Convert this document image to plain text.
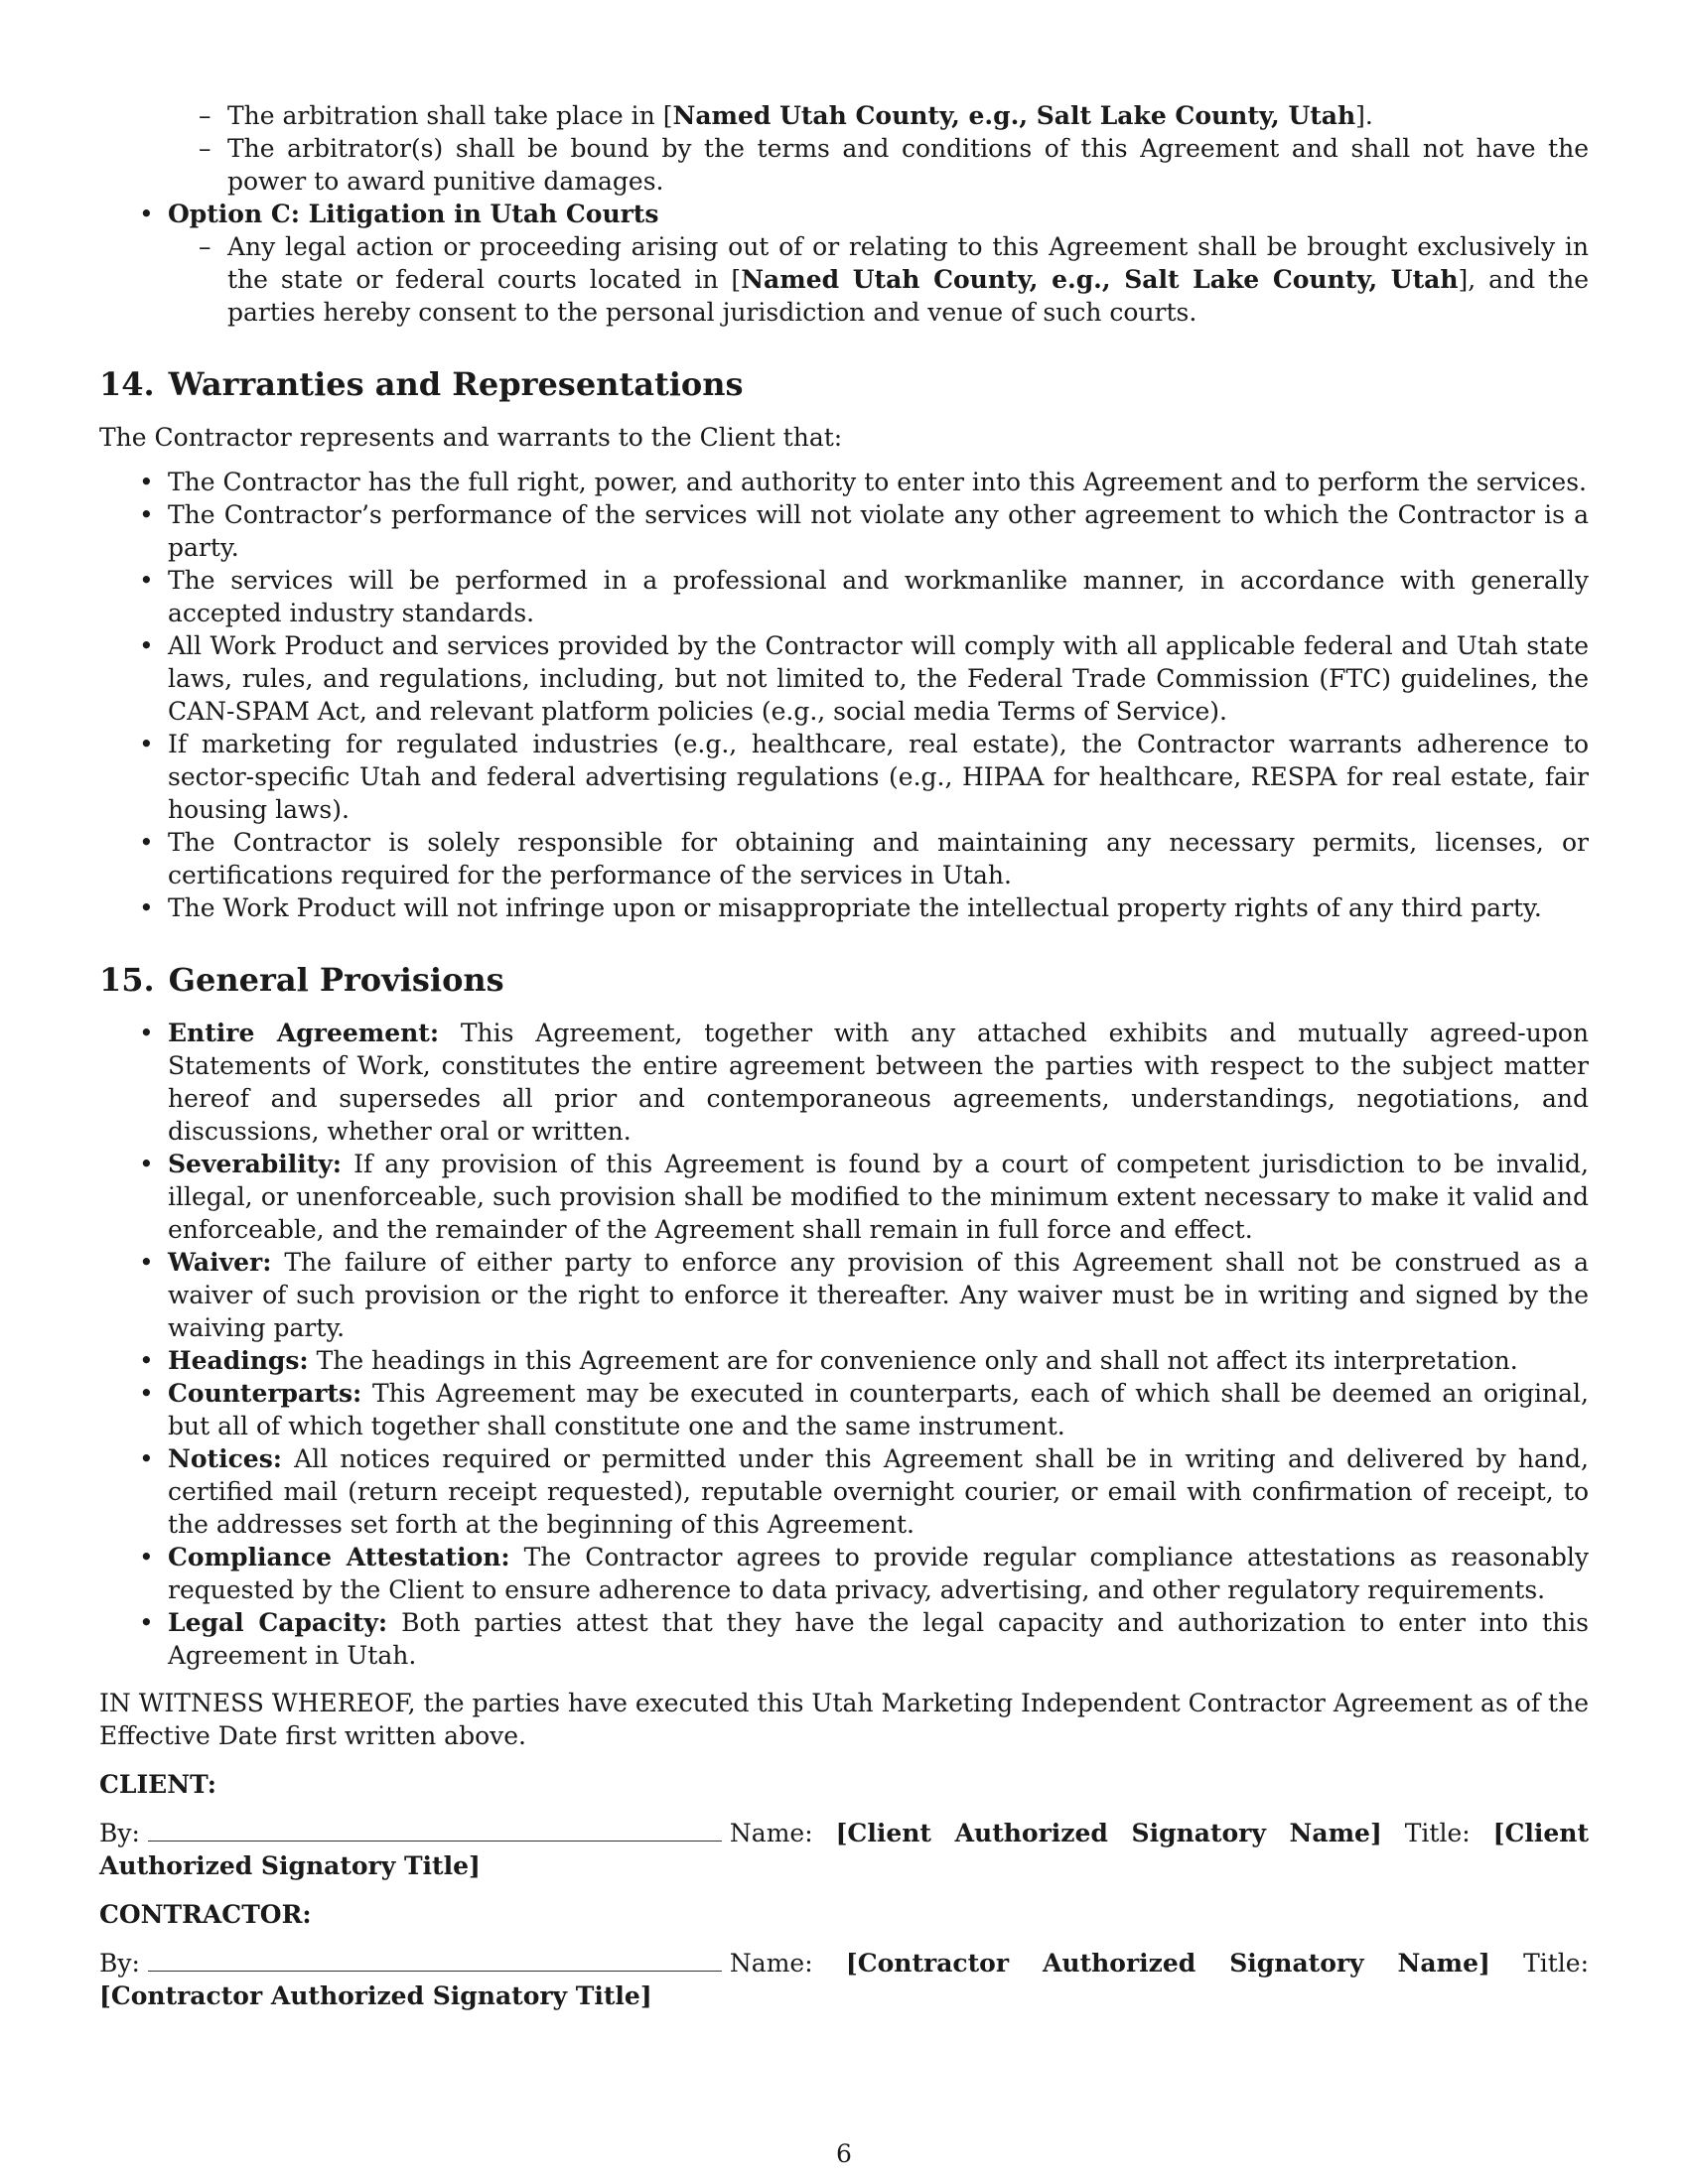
– The arbitration shall take place in [Named Utah County, e.g., Salt Lake County, Utah].
– The arbitrator(s) shall be bound by the terms and conditions of this Agreement and shall not have the power to award punitive damages.
• Option C: Litigation in Utah Courts
– Any legal action or proceeding arising out of or relating to this Agreement shall be brought exclusively in the state or federal courts located in [Named Utah County, e.g., Salt Lake County, Utah], and the parties hereby consent to the personal jurisdiction and venue of such courts.
14. Warranties and Representations

The Contractor represents and warrants to the Client that:

• The Contractor has the full right, power, and authority to enter into this Agreement and to perform the services.
• The Contractor’s performance of the services will not violate any other agreement to which the Contractor is a party.
• The services will be performed in a professional and workmanlike manner, in accordance with generally accepted industry standards.
• All Work Product and services provided by the Contractor will comply with all applicable federal and Utah state laws, rules, and regulations, including, but not limited to, the Federal Trade Commission (FTC) guidelines, the CAN-SPAM Act, and relevant platform policies (e.g., social media Terms of Service).
• If marketing for regulated industries (e.g., healthcare, real estate), the Contractor warrants adherence to sector-specific Utah and federal advertising regulations (e.g., HIPAA for healthcare, RESPA for real estate, fair housing laws).
• The Contractor is solely responsible for obtaining and maintaining any necessary permits, licenses, or certifications required for the performance of the services in Utah.
• The Work Product will not infringe upon or misappropriate the intellectual property rights of any third party.
15. General Provisions
• Entire Agreement: This Agreement, together with any attached exhibits and mutually agreed-upon Statements of Work, constitutes the entire agreement between the parties with respect to the subject matter hereof and supersedes all prior and contemporaneous agreements, understandings, negotiations, and discussions, whether oral or written.
• Severability: If any provision of this Agreement is found by a court of competent jurisdiction to be invalid, illegal, or unenforceable, such provision shall be modified to the minimum extent necessary to make it valid and enforceable, and the remainder of the Agreement shall remain in full force and effect.
• Waiver: The failure of either party to enforce any provision of this Agreement shall not be construed as a waiver of such provision or the right to enforce it thereafter. Any waiver must be in writing and signed by the waiving party.
• Headings: The headings in this Agreement are for convenience only and shall not affect its interpretation.
• Counterparts: This Agreement may be executed in counterparts, each of which shall be deemed an original, but all of which together shall constitute one and the same instrument.
• Notices: All notices required or permitted under this Agreement shall be in writing and delivered by hand, certified mail (return receipt requested), reputable overnight courier, or email with confirmation of receipt, to the addresses set forth at the beginning of this Agreement.
• Compliance Attestation: The Contractor agrees to provide regular compliance attestations as reasonably requested by the Client to ensure adherence to data privacy, advertising, and other regulatory requirements.
• Legal Capacity: Both parties attest that they have the legal capacity and authorization to enter into this Agreement in Utah.

IN WITNESS WHEREOF, the parties have executed this Utah Marketing Independent Contractor Agreement as of the Effective Date first written above.

CLIENT:

By:	Name: [Client Authorized Signatory Name] Title: [Client Authorized Signatory Title]

CONTRACTOR:

By:	Name: [Contractor Authorized Signatory Name] Title: [Contractor Authorized Signatory Title]

6
